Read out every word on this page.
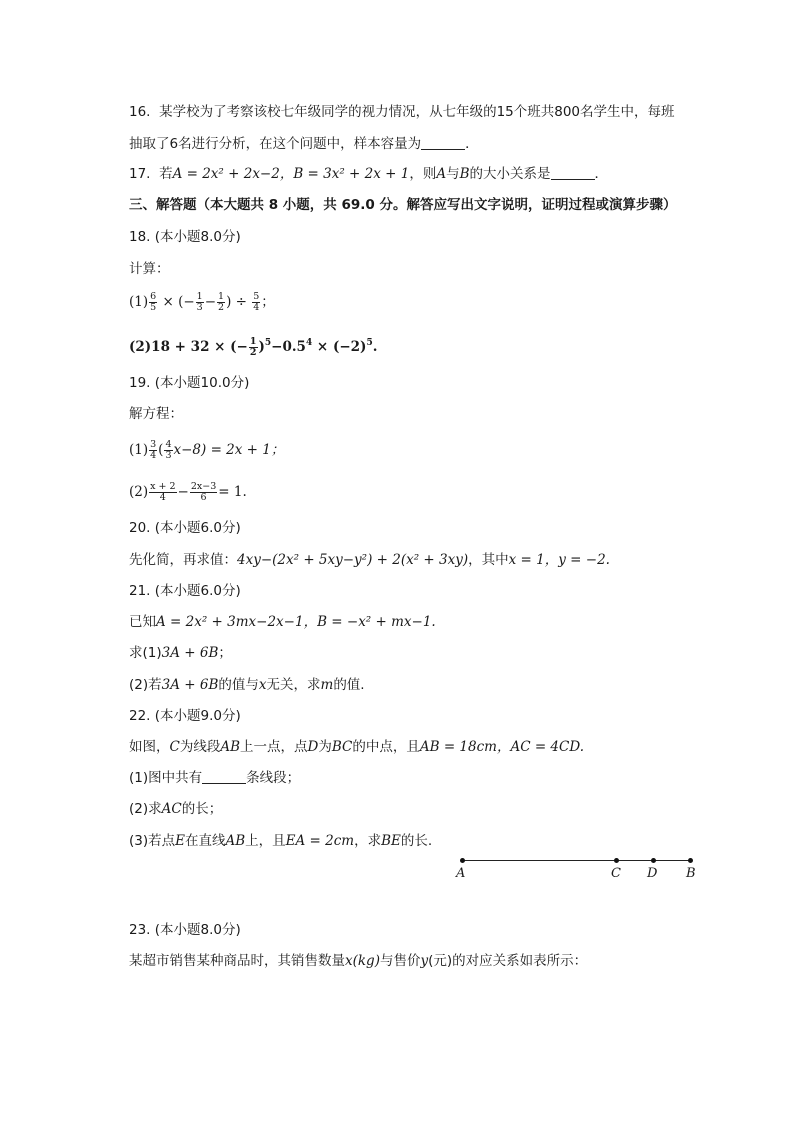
16. 某学校为了考察该校七年级同学的视力情况，从七年级的15个班共800名学生中，每班
抽取了6名进行分析，在这个问题中，样本容量为	．
17. 若A = 2x² + 2x−2，B = 3x² + 2x + 1，则A与B的大小关系是	．
三、解答题（本大题共 8 小题，共 69.0 分。解答应写出文字说明，证明过程或演算步骤）
18. (本小题8.0分)
计算：
$(1) \frac{6}{5}$ × (− $\frac{1}{3} - \frac{1}{2}$ ) ÷ $\frac{5}{4}$ ；
(2)18 + 32 × (− $\frac{1}{2} )^5-0.5^4 \times (-2)^5$.
19. (本小题10.0分)
解方程：
$(1) \frac{3}{4}$ ( $\frac{4}{3} x-8) = 2x + 1$；
$(2) \frac{x + 2}{4} - \frac{2x-3}{6} = 1$.
20. (本小题6.0分)
先化简，再求值：4xy−(2x² + 5xy−y²) + 2(x² + 3xy)，其中x = 1，y = −2.
21. (本小题6.0分)
已知A = 2x² + 3mx−2x−1，B = −x² + mx−1.
求(1)3A + 6B；
(2)若3A + 6B的值与x无关，求m的值.
22. (本小题9.0分)
如图，C为线段AB上一点，点D为BC的中点，且AB = 18cm，AC = 4CD.
(1)图中共有	条线段；
(2)求AC的长；
(3)若点E在直线AB上，且EA = 2cm，求BE的长.
A	C D B
23. (本小题8.0分)
某超市销售某种商品时，其销售数量x(kg)与售价y(元)的对应关系如表所示：
